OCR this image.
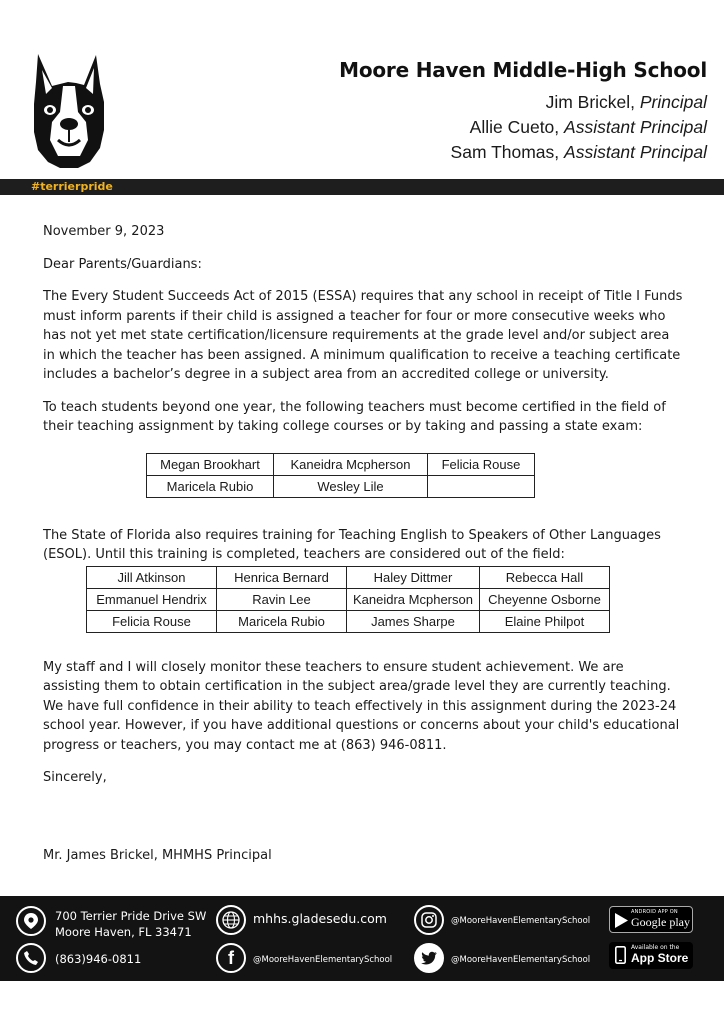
Moore Haven Middle-High School
Jim Brickel, Principal
Allie Cueto, Assistant Principal
Sam Thomas, Assistant Principal
#terrierpride

November 9, 2023

Dear Parents/Guardians:

The Every Student Succeeds Act of 2015 (ESSA) requires that any school in receipt of Title I Funds must inform parents if their child is assigned a teacher for four or more consecutive weeks who has not yet met state certification/licensure requirements at the grade level and/or subject area in which the teacher has been assigned. A minimum qualification to receive a teaching certificate includes a bachelor’s degree in a subject area from an accredited college or university.

To teach students beyond one year, the following teachers must become certified in the field of their teaching assignment by taking college courses or by taking and passing a state exam:

The State of Florida also requires training for Teaching English to Speakers of Other Languages (ESOL). Until this training is completed, teachers are considered out of the field:

My staff and I will closely monitor these teachers to ensure student achievement. We are assisting them to obtain certification in the subject area/grade level they are currently teaching. We have full confidence in their ability to teach effectively in this assignment during the 2023-24 school year. However, if you have additional questions or concerns about your child's educational progress or teachers, you may contact me at (863) 946-0811.

Sincerely,

Mr. James Brickel, MHMHS Principal

Megan Brookhart	Kaneidra Mcpherson	Felicia Rouse
Maricela Rubio	Wesley Lile	
Jill Atkinson	Henrica Bernard	Haley Dittmer	Rebecca Hall
Emmanuel Hendrix	Ravin Lee	Kaneidra Mcpherson	Cheyenne Osborne
Felicia Rouse	Maricela Rubio	James Sharpe	Elaine Philpot
700 Terrier Pride Drive SW
Moore Haven, FL 33471
(863)946-0811
mhhs.gladesedu.com
f @MooreHavenElementarySchool
@MooreHavenElementarySchool
@MooreHavenElementarySchool
ANDROID APP ON
Google play
Available on the
App Store
